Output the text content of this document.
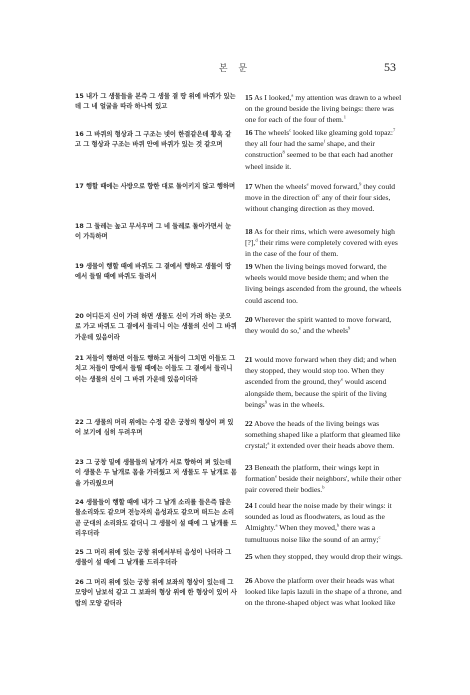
본 문	53

15 내가 그 생물들을 본즉 그 생물 곁 땅 위에 바퀴가 있는데 그 네 얼굴을 따라 하나씩 있고

16 그 바퀴의 형상과 그 구조는 넷이 한결같은데 황옥 같고 그 형상과 구조는 바퀴 안에 바퀴가 있는 것 같으며

17 행할 때에는 사방으로 향한 대로 돌이키지 않고 행하며

18 그 둘레는 높고 무서우며 그 네 둘레로 돌아가면서 눈이 가득하며

19 생물이 행할 때에 바퀴도 그 곁에서 행하고 생물이 땅에서 들릴 때에 바퀴도 들려서

20 어디든지 신이 가려 하면 생물도 신이 가려 하는 곳으로 가고 바퀴도 그 곁에서 들리니 이는 생물의 신이 그 바퀴 가운데 있음이라

21 저들이 행하면 이들도 행하고 저들이 그치면 이들도 그치고 저들이 땅에서 들릴 때에는 이들도 그 곁에서 들리니 이는 생물의 신이 그 바퀴 가운데 있음이더라

22 그 생물의 머리 위에는 수정 같은 궁창의 형상이 펴 있어 보기에 심히 두려우며

23 그 궁창 밑에 생물들의 날개가 서로 향하여 펴 있는데 이 생물은 두 날개로 몸을 가리웠고 저 생물도 두 날개로 몸을 가리웠으며

24 생물들이 행할 때에 내가 그 날개 소리를 들은즉 많은 물소리와도 같으며 전능자의 음성과도 같으며 떠드는 소리 곧 군대의 소리와도 같더니 그 생물이 설 때에 그 날개를 드리우더라

25 그 머리 위에 있는 궁창 위에서부터 음성이 나더라 그 생물이 설 때에 그 날개를 드리우더라

26 그 머리 위에 있는 궁창 위에 보좌의 형상이 있는데 그 모양이 남보석 같고 그 보좌의 형상 위에 한 형상이 있어 사람의 모양 같더라

15 As I looked,$^a$ my attention was drawn to a wheel on the ground beside the living beings: there was one for each of the four of them.$^1$

16 The wheels$^c$ looked like gleaming gold topaz:$^7$ they all four had the same$^f$ shape, and their construction$^8$ seemed to be that each had another wheel inside it.

17 When the wheels$^e$ moved forward,$^9$ they could move in the direction $of^c$ any of their four sides, without changing direction as they moved.

18 As for their rims, which were awesomely high [?],$^d$ their rims were completely covered with eyes in the case of the four of them.

19 When the living beings moved forward, the wheels would move beside them; and when the living beings ascended from the ground, the wheels could ascend too.

20 Wherever the spirit wanted to move forward, they would do so,$^e$ and the wheels$^9$

21 would move forward when they did; and when they stopped, they would stop too. When they ascended from the ground, they$^e$ would ascend alongside them, because the spirit of the living beings$^9$ was in the wheels.

22 Above the heads of the living beings was something shaped like a platform that gleamed like crystal;$^a$ it extended over their heads above them.

23 Beneath the platform, their wings kept in formation$^e$ beside their neighbors', while their other pair covered their bodies.$^b$

24 I could hear the noise made by their wings: it sounded as loud as floodwaters, as loud as the Almighty.$^a$ When they moved,$^b$ there was a tumultuous noise like the sound of an army;$^c$

25 when they stopped, they would drop their wings.

26 Above the platform over their heads was what looked like lapis lazuli in the shape of a throne, and on the throne-shaped object was what looked like
